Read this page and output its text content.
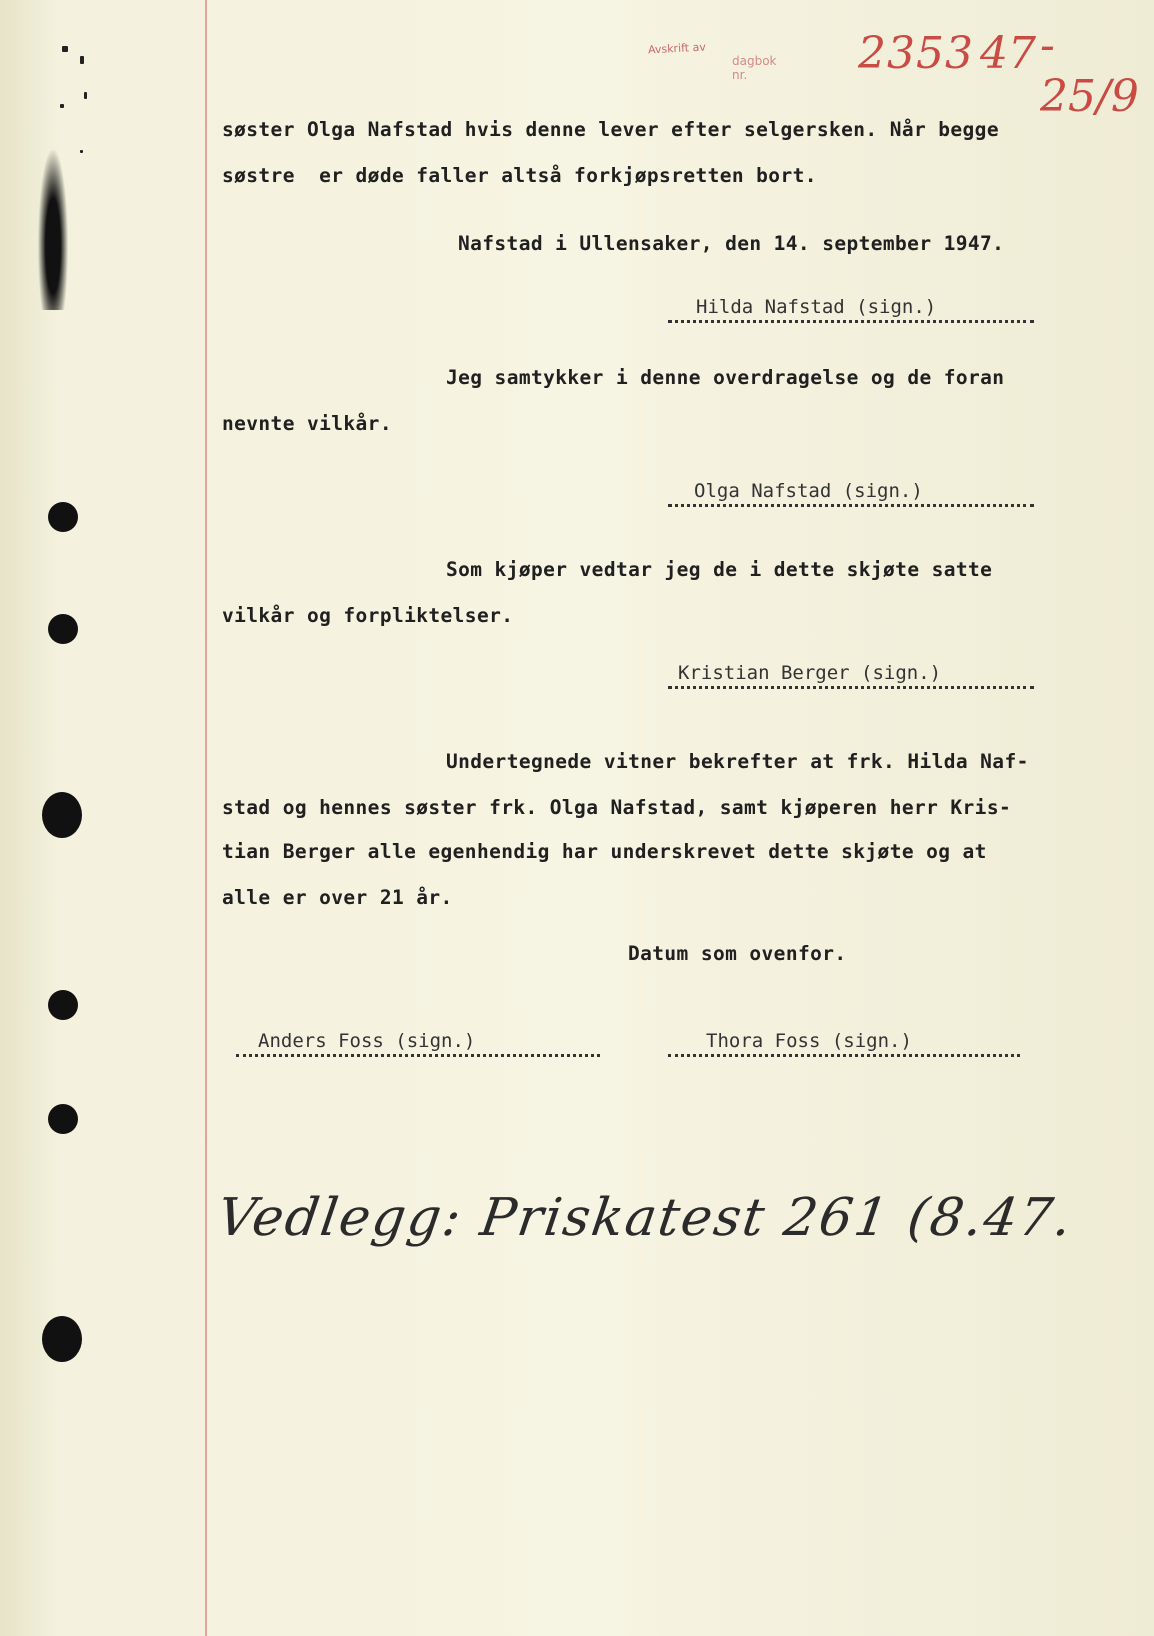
Avskrift av
dagbok nr.	2353 47 - 25/9
søster Olga Nafstad hvis denne lever efter selgersken. Når begge
søstre  er døde faller altså forkjøpsretten bort.
Nafstad i Ullensaker, den 14. september 1947.
Hilda Nafstad (sign.)
Jeg samtykker i denne overdragelse og de foran
nevnte vilkår.
Olga Nafstad (sign.)
Som kjøper vedtar jeg de i dette skjøte satte
vilkår og forpliktelser.
Kristian Berger (sign.)
Undertegnede vitner bekrefter at frk. Hilda Naf-
stad og hennes søster frk. Olga Nafstad, samt kjøperen herr Kris-
tian Berger alle egenhendig har underskrevet dette skjøte og at
alle er over 21 år.
Datum som ovenfor.
Anders Foss (sign.)	Thora Foss (sign.)
Vedlegg: Priskatest 261 (8.47.
